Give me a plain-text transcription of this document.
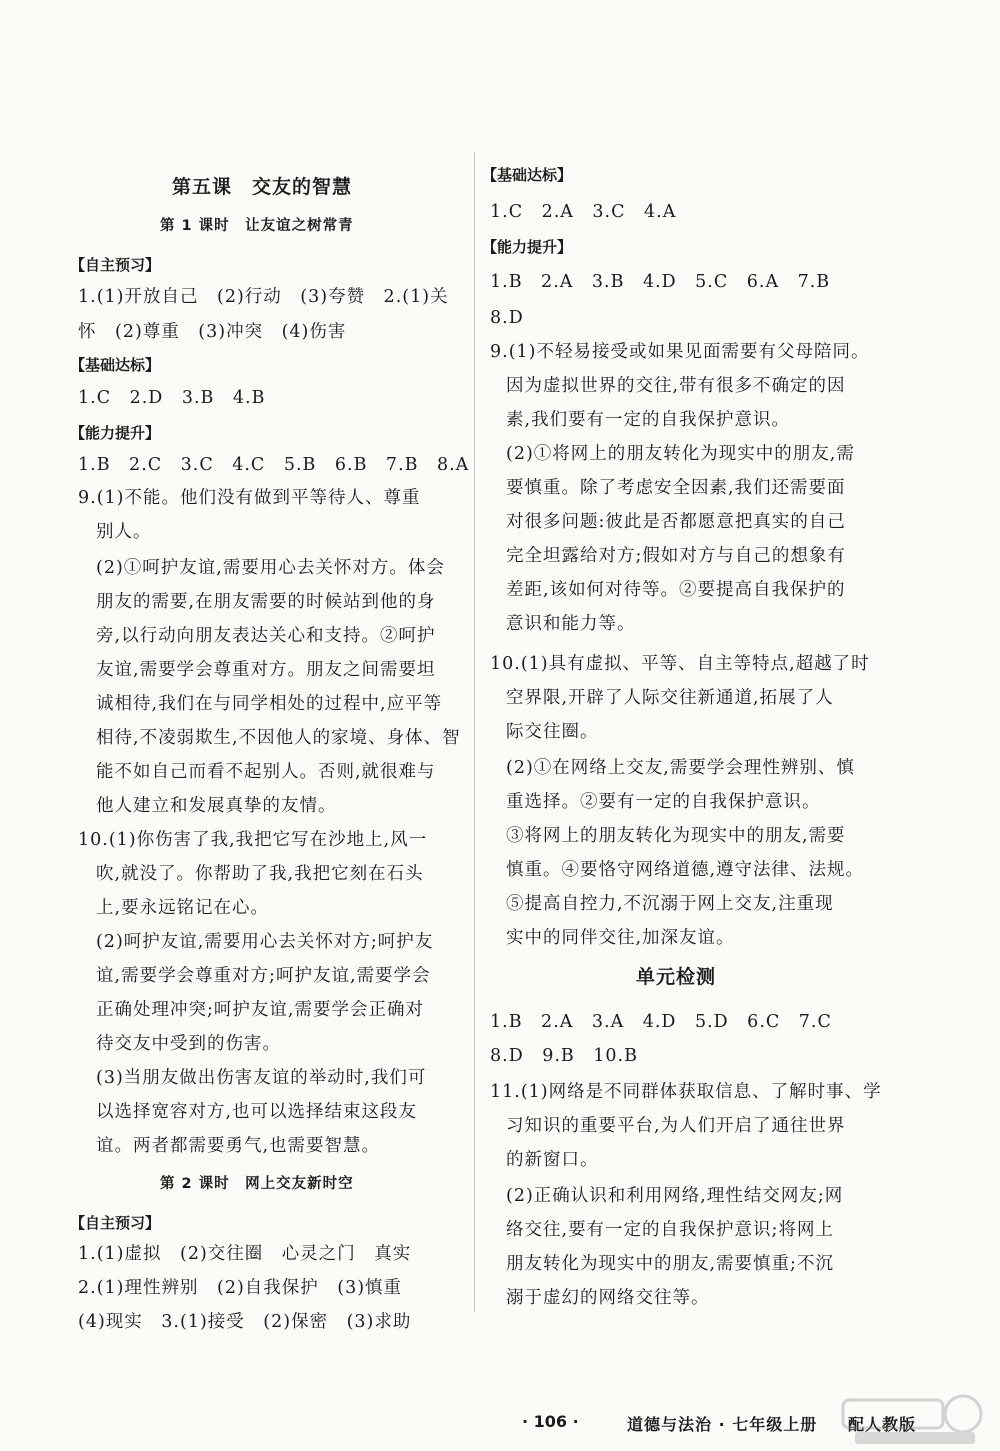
第五课　交友的智慧
第 1 课时　让友谊之树常青
【自主预习】
1.(1)开放自己　(2)行动　(3)夸赞　2.(1)关
怀　(2)尊重　(3)冲突　(4)伤害
【基础达标】
1.C　2.D　3.B　4.B
【能力提升】
1.B　2.C　3.C　4.C　5.B　6.B　7.B　8.A
9.(1)不能。他们没有做到平等待人、尊重
别人。
(2)①呵护友谊,需要用心去关怀对方。体会
朋友的需要,在朋友需要的时候站到他的身
旁,以行动向朋友表达关心和支持。②呵护
友谊,需要学会尊重对方。朋友之间需要坦
诚相待,我们在与同学相处的过程中,应平等
相待,不凌弱欺生,不因他人的家境、身体、智
能不如自己而看不起别人。否则,就很难与
他人建立和发展真挚的友情。
10.(1)你伤害了我,我把它写在沙地上,风一
吹,就没了。你帮助了我,我把它刻在石头
上,要永远铭记在心。
(2)呵护友谊,需要用心去关怀对方;呵护友
谊,需要学会尊重对方;呵护友谊,需要学会
正确处理冲突;呵护友谊,需要学会正确对
待交友中受到的伤害。
(3)当朋友做出伤害友谊的举动时,我们可
以选择宽容对方,也可以选择结束这段友
谊。两者都需要勇气,也需要智慧。
第 2 课时　网上交友新时空
【自主预习】
1.(1)虚拟　(2)交往圈　心灵之门　真实
2.(1)理性辨别　(2)自我保护　(3)慎重
(4)现实　3.(1)接受　(2)保密　(3)求助
【基础达标】
1.C　2.A　3.C　4.A
【能力提升】
1.B　2.A　3.B　4.D　5.C　6.A　7.B
8.D
9.(1)不轻易接受或如果见面需要有父母陪同。
因为虚拟世界的交往,带有很多不确定的因
素,我们要有一定的自我保护意识。
(2)①将网上的朋友转化为现实中的朋友,需
要慎重。除了考虑安全因素,我们还需要面
对很多问题:彼此是否都愿意把真实的自己
完全坦露给对方;假如对方与自己的想象有
差距,该如何对待等。②要提高自我保护的
意识和能力等。
10.(1)具有虚拟、平等、自主等特点,超越了时
空界限,开辟了人际交往新通道,拓展了人
际交往圈。
(2)①在网络上交友,需要学会理性辨别、慎
重选择。②要有一定的自我保护意识。
③将网上的朋友转化为现实中的朋友,需要
慎重。④要恪守网络道德,遵守法律、法规。
⑤提高自控力,不沉溺于网上交友,注重现
实中的同伴交往,加深友谊。
单元检测
1.B　2.A　3.A　4.D　5.D　6.C　7.C
8.D　9.B　10.B
11.(1)网络是不同群体获取信息、了解时事、学
习知识的重要平台,为人们开启了通往世界
的新窗口。
(2)正确认识和利用网络,理性结交网友;网
络交往,要有一定的自我保护意识;将网上
朋友转化为现实中的朋友,需要慎重;不沉
溺于虚幻的网络交往等。
· 106 ·	道德与法治 · 七年级上册 配人教版
